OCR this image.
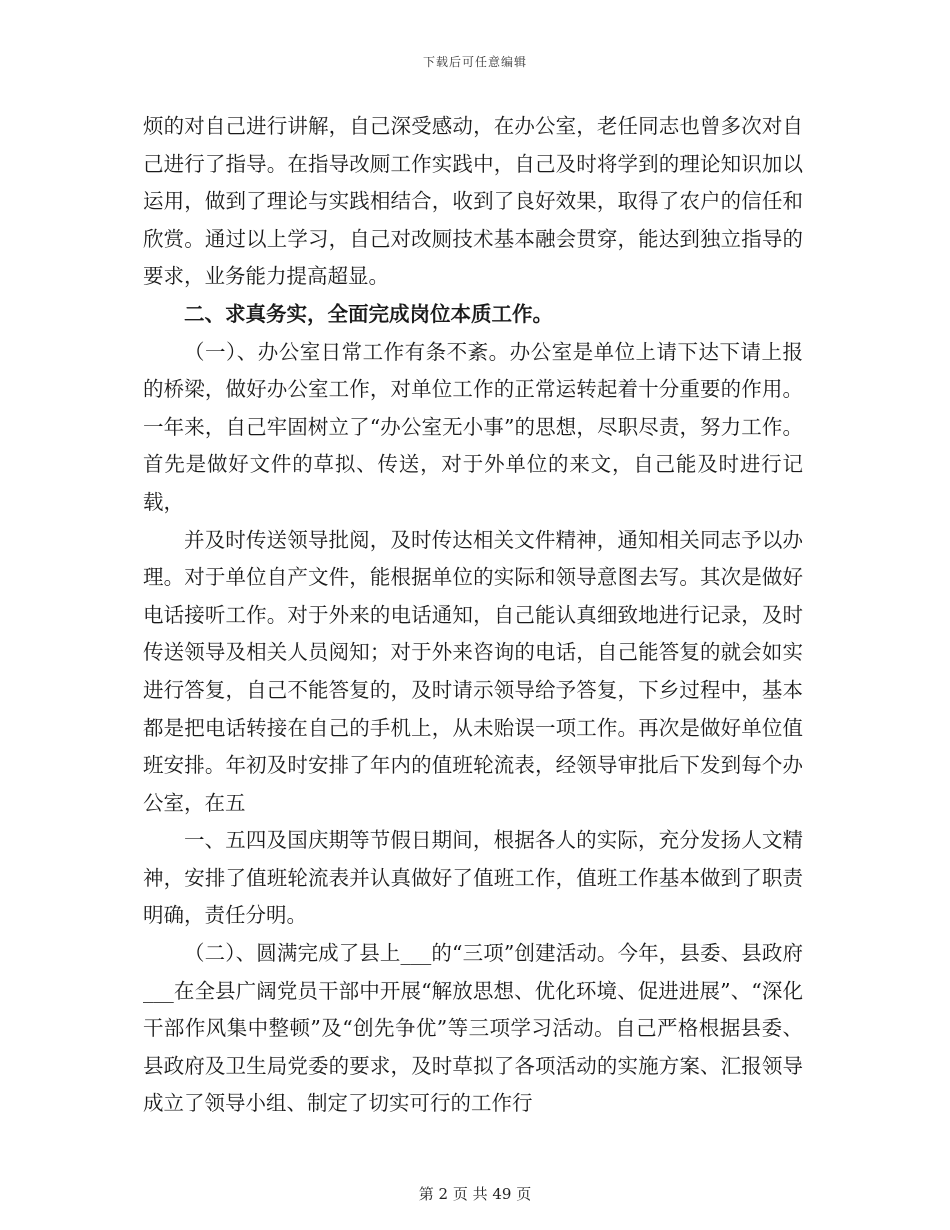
下载后可任意编辑

烦的对自己进行讲解，自己深受感动，在办公室，老任同志也曾多次对自己进行了指导。在指导改厕工作实践中，自己及时将学到的理论知识加以运用，做到了理论与实践相结合，收到了良好效果，取得了农户的信任和欣赏。通过以上学习，自己对改厕技术基本融会贯穿，能达到独立指导的要求，业务能力提高超显。

二、求真务实，全面完成岗位本质工作。

（一）、办公室日常工作有条不紊。办公室是单位上请下达下请上报的桥梁，做好办公室工作，对单位工作的正常运转起着十分重要的作用。一年来，自己牢固树立了“办公室无小事”的思想，尽职尽责，努力工作。首先是做好文件的草拟、传送，对于外单位的来文，自己能及时进行记载，

并及时传送领导批阅，及时传达相关文件精神，通知相关同志予以办理。对于单位自产文件，能根据单位的实际和领导意图去写。其次是做好电话接听工作。对于外来的电话通知，自己能认真细致地进行记录，及时传送领导及相关人员阅知；对于外来咨询的电话，自己能答复的就会如实进行答复，自己不能答复的，及时请示领导给予答复，下乡过程中，基本都是把电话转接在自己的手机上，从未贻误一项工作。再次是做好单位值班安排。年初及时安排了年内的值班轮流表，经领导审批后下发到每个办公室，在五

一、五四及国庆期等节假日期间，根据各人的实际，充分发扬人文精神，安排了值班轮流表并认真做好了值班工作，值班工作基本做到了职责明确，责任分明。

（二）、圆满完成了县上___的“三项”创建活动。今年，县委、县政府___在全县广阔党员干部中开展“解放思想、优化环境、促进进展”、“深化干部作风集中整顿”及“创先争优”等三项学习活动。自己严格根据县委、县政府及卫生局党委的要求，及时草拟了各项活动的实施方案、汇报领导成立了领导小组、制定了切实可行的工作行

第 2 页 共 49 页
